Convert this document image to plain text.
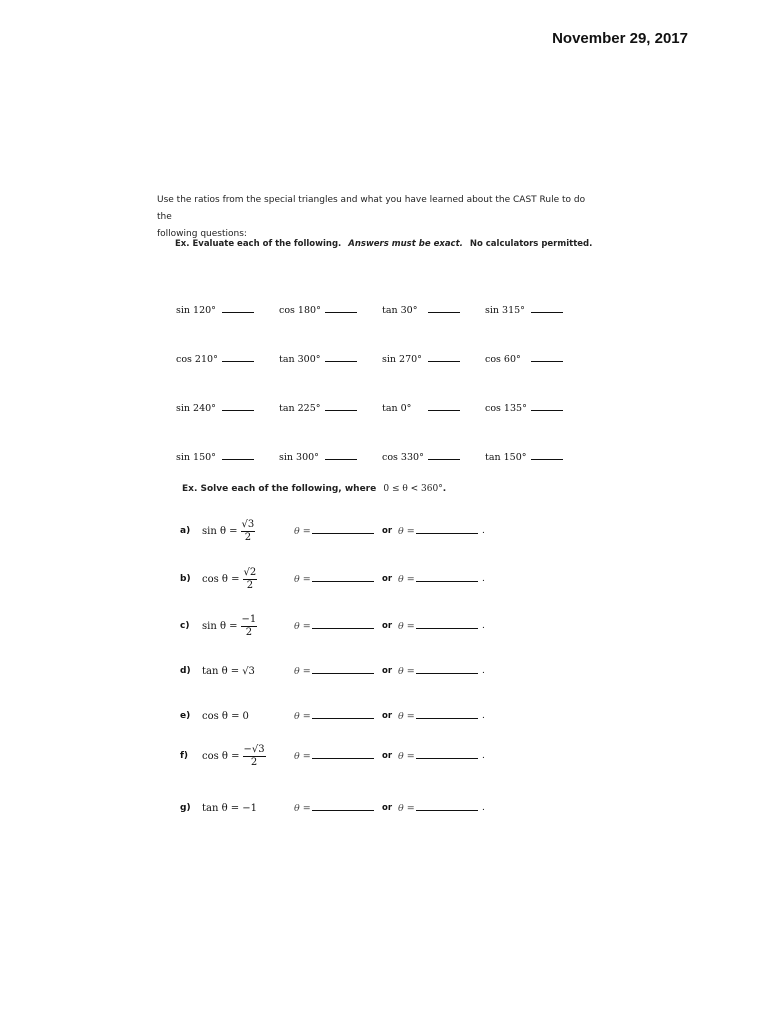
November 29, 2017
Use the ratios from the special triangles and what you have learned about the CAST Rule to do the
following questions:
Ex. Evaluate each of the following. Answers must be exact. No calculators permitted.
sin 120°	cos 180°	tan 30°	sin 315°
cos 210°	tan 300°	sin 270°	cos 60°
sin 240°	tan 225°	tan 0°	cos 135°
sin 150°	sin 300°	cos 330°	tan 150°
Ex. Solve each of the following, where 0 ≤ θ < 360°.
a)	$\sin \theta = \frac{√3}{2}$	θ =	or θ =	.
b)	$\cos \theta = \frac{√2}{2}$	θ =	or θ =	.
c)	$\sin \theta = \frac{-1}{2}$	θ =	or θ =	.
d)	tan θ = √3	θ =	or θ =	.
e)	cos θ = 0	θ =	or θ =	.
f)	$\cos \theta = \frac{-√3}{2}$	θ =	or θ =	.
g)	tan θ = −1	θ =	or θ =	.
